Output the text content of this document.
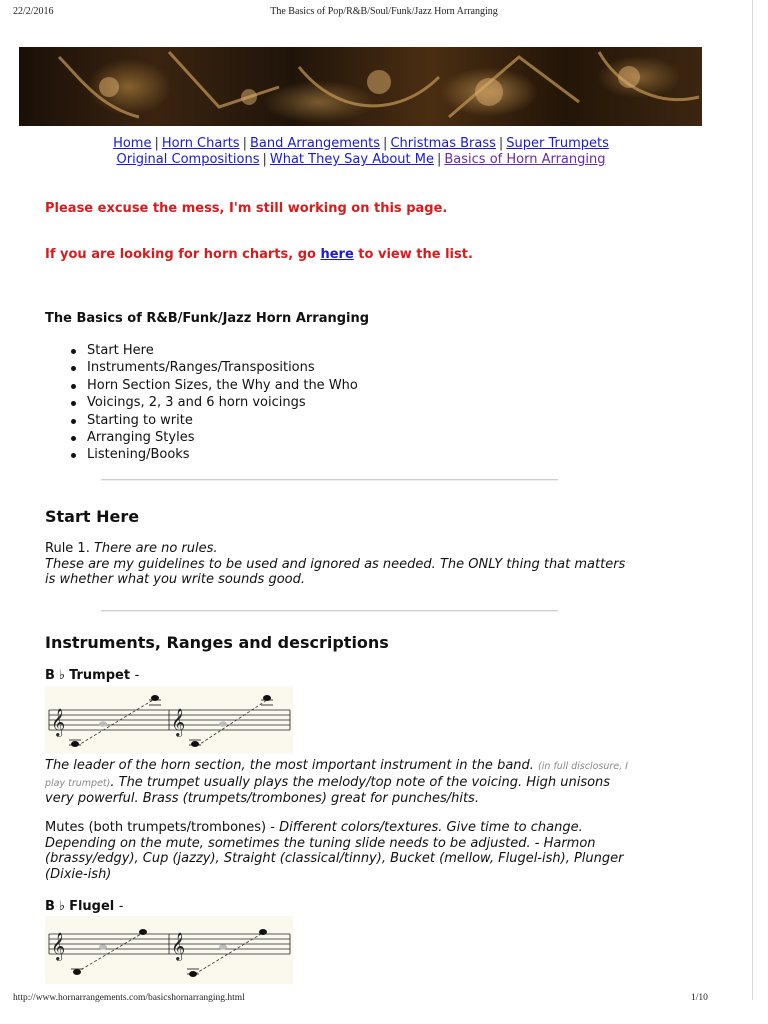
22/2/2016	The Basics of Pop/R&B/Soul/Funk/Jazz Horn Arranging
Home | Horn Charts | Band Arrangements | Christmas Brass | Super Trumpets
Original Compositions | What They Say About Me | Basics of Horn Arranging
Please excuse the mess, I'm still working on this page.
If you are looking for horn charts, go here to view the list.
The Basics of R&B/Funk/Jazz Horn Arranging
Start Here
Instruments/Ranges/Transpositions
Horn Section Sizes, the Why and the Who
Voicings, 2, 3 and 6 horn voicings
Starting to write
Arranging Styles
Listening/Books
Start Here
Rule 1. There are no rules.
These are my guidelines to be used and ignored as needed. The ONLY thing that matters is whether what you write sounds good.
Instruments, Ranges and descriptions
B ♭ Trumpet -
𝄞	𝄞
The leader of the horn section, the most important instrument in the band. (in full disclosure, I play trumpet). The trumpet usually plays the melody/top note of the voicing. High unisons very powerful. Brass (trumpets/trombones) great for punches/hits.
Mutes (both trumpets/trombones) - Different colors/textures. Give time to change. Depending on the mute, sometimes the tuning slide needs to be adjusted. - Harmon (brassy/edgy), Cup (jazzy), Straight (classical/tinny), Bucket (mellow, Flugel-ish), Plunger (Dixie-ish)
B ♭ Flugel -
𝄞	𝄞
http://www.hornarrangements.com/basicshornarranging.html	1/10
